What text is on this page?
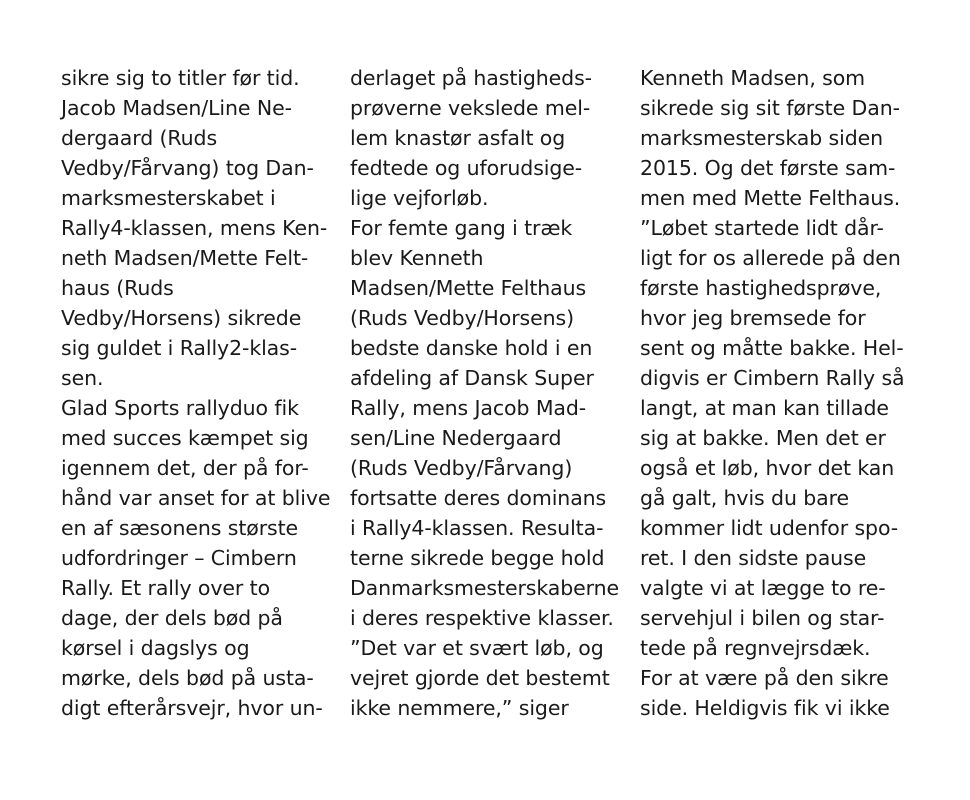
sikre sig to titler før tid.
Jacob Madsen/Line Ne-
dergaard (Ruds
Vedby/Fårvang) tog Dan-
marksmesterskabet i
Rally4-klassen, mens Ken-
neth Madsen/Mette Felt-
haus (Ruds
Vedby/Horsens) sikrede
sig guldet i Rally2-klas-
sen.
Glad Sports rallyduo fik
med succes kæmpet sig
igennem det, der på for-
hånd var anset for at blive
en af sæsonens største
udfordringer – Cimbern
Rally. Et rally over to
dage, der dels bød på
kørsel i dagslys og
mørke, dels bød på usta-
digt efterårsvejr, hvor un-
derlaget på hastigheds-
prøverne vekslede mel-
lem knastør asfalt og
fedtede og uforudsige-
lige vejforløb.
For femte gang i træk
blev Kenneth
Madsen/Mette Felthaus
(Ruds Vedby/Horsens)
bedste danske hold i en
afdeling af Dansk Super
Rally, mens Jacob Mad-
sen/Line Nedergaard
(Ruds Vedby/Fårvang)
fortsatte deres dominans
i Rally4-klassen. Resulta-
terne sikrede begge hold
Danmarksmesterskaberne
i deres respektive klasser.
”Det var et svært løb, og
vejret gjorde det bestemt
ikke nemmere,” siger
Kenneth Madsen, som
sikrede sig sit første Dan-
marksmesterskab siden
2015. Og det første sam-
men med Mette Felthaus.
”Løbet startede lidt dår-
ligt for os allerede på den
første hastighedsprøve,
hvor jeg bremsede for
sent og måtte bakke. Hel-
digvis er Cimbern Rally så
langt, at man kan tillade
sig at bakke. Men det er
også et løb, hvor det kan
gå galt, hvis du bare
kommer lidt udenfor spo-
ret. I den sidste pause
valgte vi at lægge to re-
servehjul i bilen og star-
tede på regnvejrsdæk.
For at være på den sikre
side. Heldigvis fik vi ikke
